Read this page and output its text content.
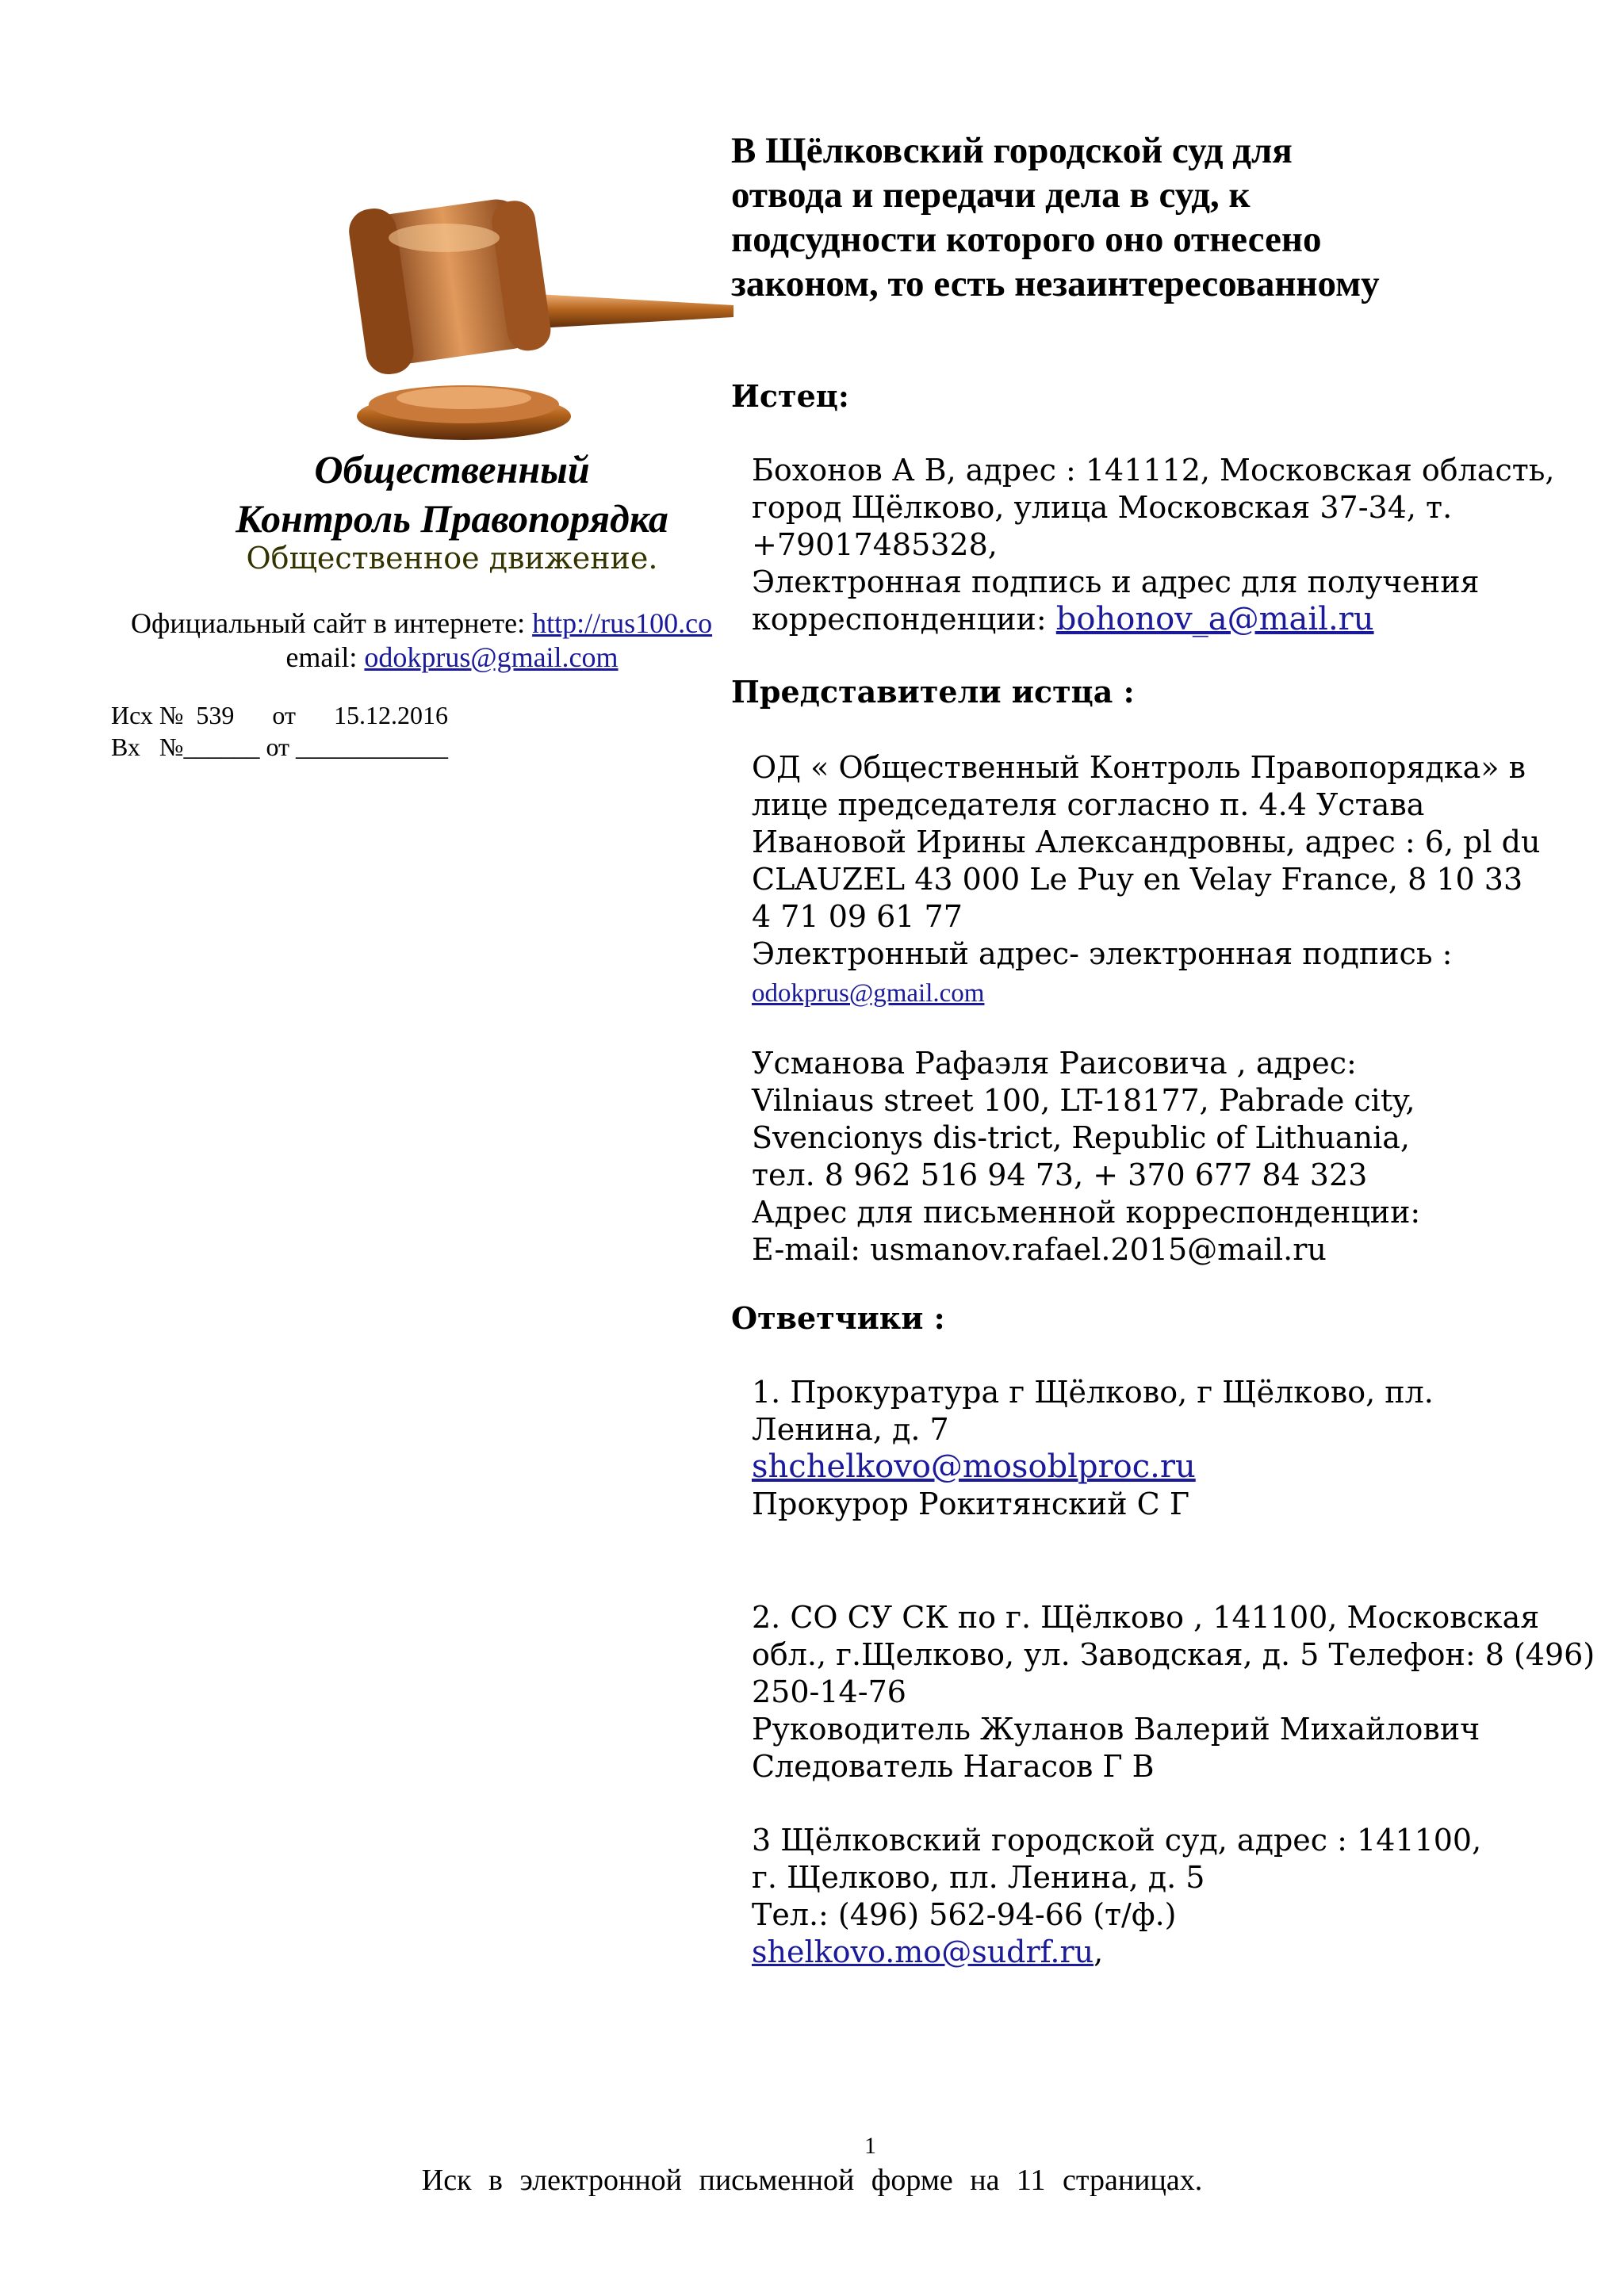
Общественный
Контроль Правопорядка
Общественное движение.
Официальный сайт в интернете: http://rus100.co
email: odokprus@gmail.com
Исх №  539      от      15.12.2016
Вх   №______ от ____________
В Щёлковский городской суд для
отвода и передачи дела в суд, к
подсудности которого оно отнесено
законом, то есть незаинтересованному
Истец:
Бохонов А В, адрес : 141112, Московская область,
город Щёлково, улица Московская 37-34, т.
+79017485328,
Электронная подпись и адрес для получения
корреспонденции: bohonov_a@mail.ru
Представители истца :
ОД « Общественный Контроль Правопорядка» в
лице председателя согласно п. 4.4 Устава
Ивановой Ирины Александровны, адрес : 6, pl du
CLAUZEL 43 000 Le Puy en Velay France, 8 10 33
4 71 09 61 77
Электронный адрес- электронная подпись :
odokprus@gmail.com
Усманова Рафаэля Раисовича , адрес:
Vilniaus street 100, LT-18177, Pabrade city,
Svencionys dis-trict, Republic of Lithuania,
тел. 8 962 516 94 73, + 370 677 84 323
Адрес для письменной корреспонденции:
E-mail: usmanov.rafael.2015@mail.ru
Ответчики :
1. Прокуратура г Щёлково, г Щёлково, пл.
Ленина, д. 7
shchelkovo@mosoblproc.ru
Прокурор Рокитянский С Г
2. СО СУ СК по г. Щёлково , 141100, Московская
обл., г.Щелково, ул. Заводская, д. 5 Телефон: 8 (496)
250-14-76
Руководитель Жуланов Валерий Михайлович
Следователь Нагасов Г В
3 Щёлковский городской суд, адрес : 141100,
г. Щелково, пл. Ленина, д. 5
Тел.: (496) 562-94-66 (т/ф.)
shelkovo.mo@sudrf.ru,
1
Иск в электронной письменной форме на 11 страницах.
